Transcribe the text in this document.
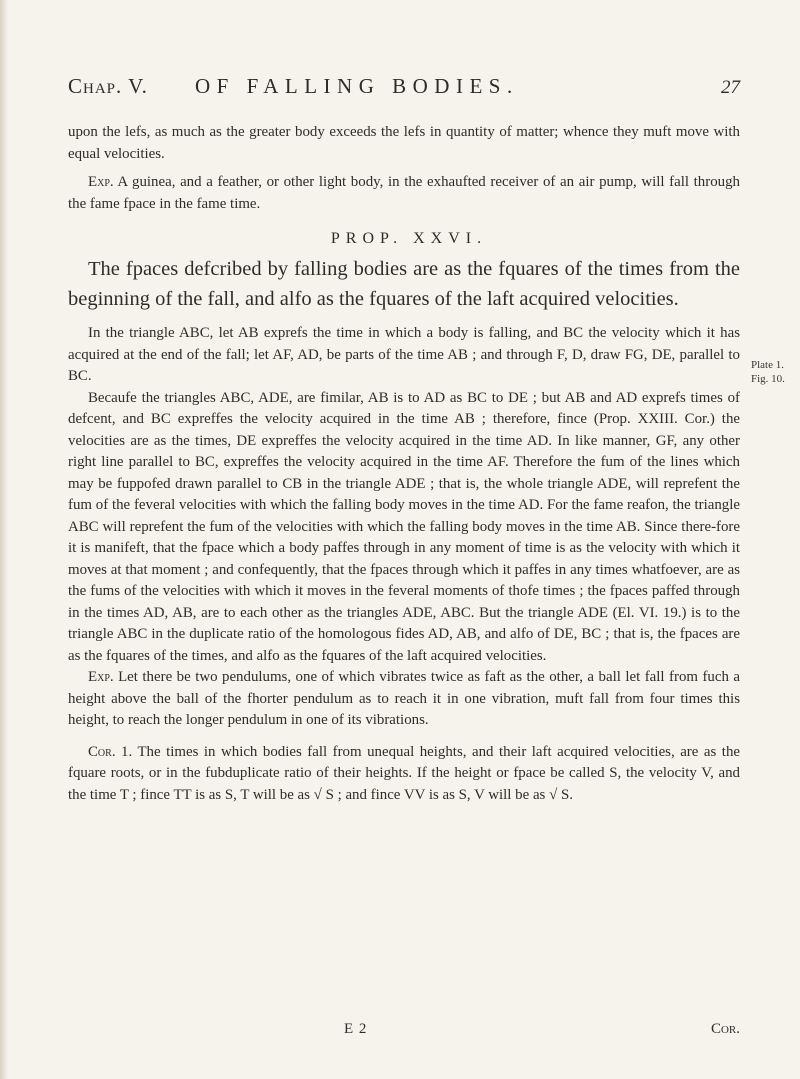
Chap. V. OF FALLING BODIES.	27

upon the lefs, as much as the greater body exceeds the lefs in quantity of matter; whence they muft move with equal velocities.

Exp. A guinea, and a feather, or other light body, in the exhaufted receiver of an air pump, will fall through the fame fpace in the fame time.

PROP. XXVI.

The fpaces defcribed by falling bodies are as the fquares of the times from the beginning of the fall, and alfo as the fquares of the laft acquired velocities.

In the triangle ABC, let AB exprefs the time in which a body is falling, and BC the velocity which it has acquired at the end of the fall; let AF, AD, be parts of the time AB ; and through F, D, draw FG, DE, parallel to BC.

Becaufe the triangles ABC, ADE, are fimilar, AB is to AD as BC to DE ; but AB and AD exprefs times of defcent, and BC expreffes the velocity acquired in the time AB ; therefore, fince (Prop. XXIII. Cor.) the velocities are as the times, DE expreffes the velocity acquired in the time AD. In like manner, GF, any other right line parallel to BC, expreffes the velocity acquired in the time AF. Therefore the fum of the lines which may be fuppofed drawn parallel to CB in the triangle ADE ; that is, the whole triangle ADE, will reprefent the fum of the feveral velocities with which the falling body moves in the time AD. For the fame reafon, the triangle ABC will reprefent the fum of the velocities with which the falling body moves in the time AB. Since there-fore it is manifeft, that the fpace which a body paffes through in any moment of time is as the velocity with which it moves at that moment ; and confequently, that the fpaces through which it paffes in any times whatfoever, are as the fums of the velocities with which it moves in the feveral moments of thofe times ; the fpaces paffed through in the times AD, AB, are to each other as the triangles ADE, ABC. But the triangle ADE (El. VI. 19.) is to the triangle ABC in the duplicate ratio of the homologous fides AD, AB, and alfo of DE, BC ; that is, the fpaces are as the fquares of the times, and alfo as the fquares of the laft acquired velocities.

Exp. Let there be two pendulums, one of which vibrates twice as faft as the other, a ball let fall from fuch a height above the ball of the fhorter pendulum as to reach it in one vibration, muft fall from four times this height, to reach the longer pendulum in one of its vibrations.

Cor. 1. The times in which bodies fall from unequal heights, and their laft acquired velocities, are as the fquare roots, or in the fubduplicate ratio of their heights. If the height or fpace be called S, the velocity V, and the time T ; fince TT is as S, T will be as √ S ; and fince VV is as S, V will be as √ S.

Plate 1.
Fig. 10.
E 2	Cor.
